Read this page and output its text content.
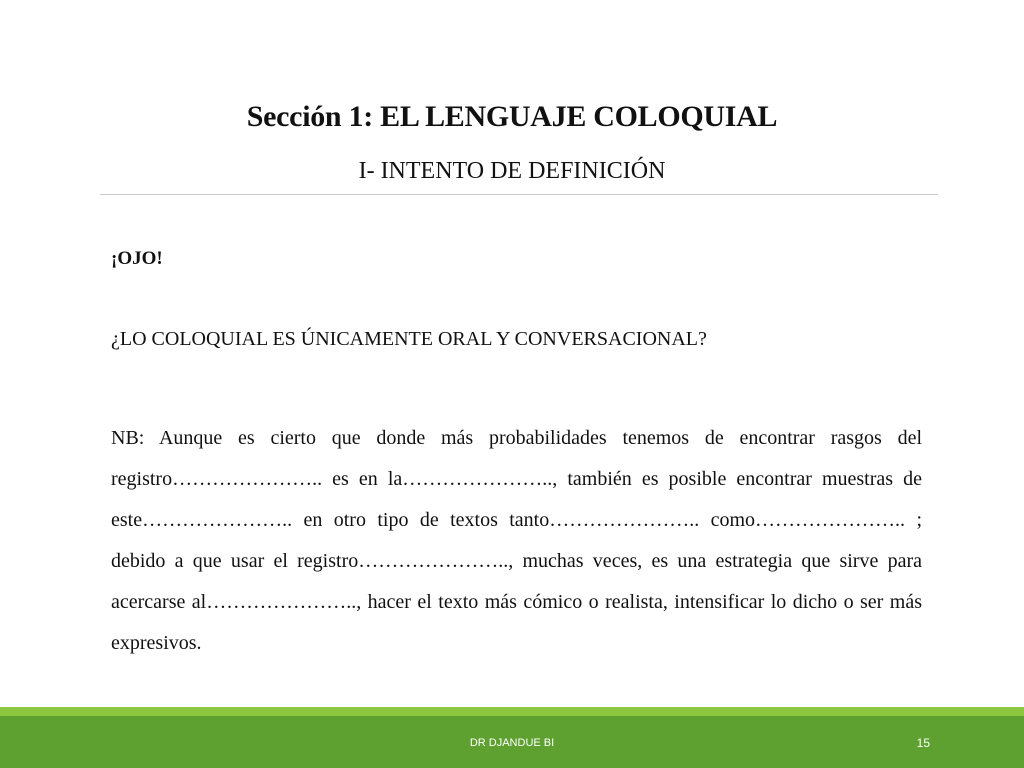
Sección 1: EL LENGUAJE COLOQUIAL
I- INTENTO DE DEFINICIÓN
¡OJO!
¿LO COLOQUIAL ES ÚNICAMENTE ORAL Y CONVERSACIONAL?
NB: Aunque es cierto que donde más probabilidades tenemos de encontrar rasgos del registro………………….. es en la………………….., también es posible encontrar muestras de este………………….. en otro tipo de textos tanto………………….. como………………….. ; debido a que usar el registro………………….., muchas veces, es una estrategia que sirve para acercarse al………………….., hacer el texto más cómico o realista, intensificar lo dicho o ser más expresivos.
DR DJANDUE BI	15
